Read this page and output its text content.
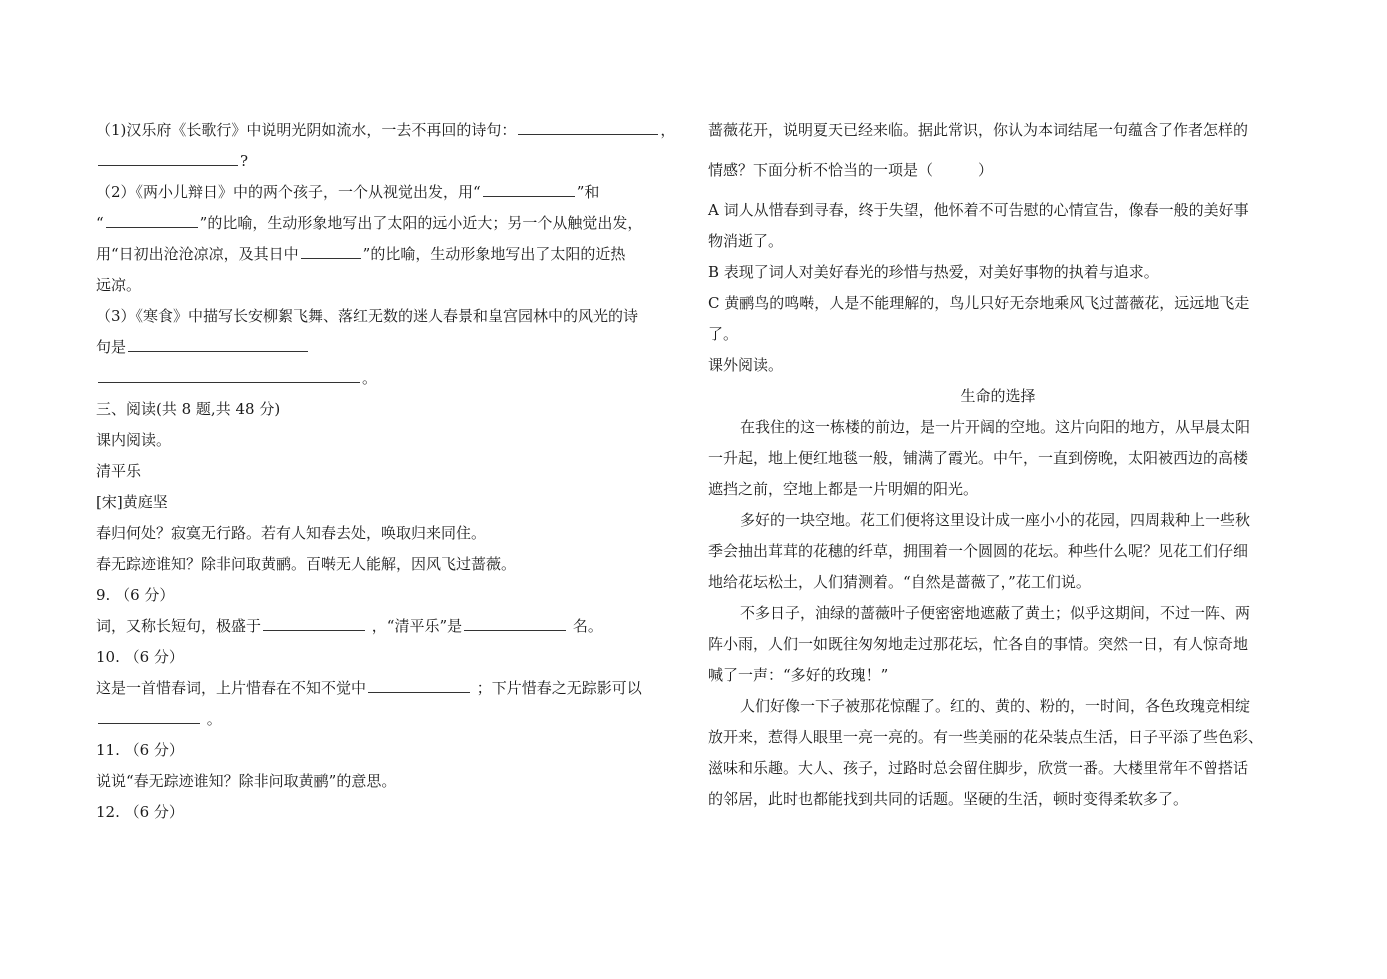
（1)汉乐府《长歌行》中说明光阴如流水，一去不再回的诗句：	，
?
（2）《两小儿辩日》中的两个孩子，一个从视觉出发，用“	”和
“	”的比喻，生动形象地写出了太阳的远小近大；另一个从触觉出发，
用“日初出沧沧凉凉，及其日中	”的比喻，生动形象地写出了太阳的近热
远凉。
（3）《寒食》中描写长安柳絮飞舞、落红无数的迷人春景和皇宫园林中的风光的诗
句是
。
三、阅读(共 8 题,共 48 分)
课内阅读。
清平乐
[宋]黄庭坚
春归何处？寂寞无行路。若有人知春去处，唤取归来同住。
春无踪迹谁知？除非问取黄鹂。百啭无人能解，因风飞过蔷薇。
9. （6 分）
词，又称长短句，极盛于	，“清平乐”是	名。
10. （6 分）
这是一首惜春词，上片惜春在不知不觉中	；下片惜春之无踪影可以
。
11. （6 分）
说说“春无踪迹谁知？除非问取黄鹂”的意思。
12. （6 分）
蔷薇花开，说明夏天已经来临。据此常识，你认为本词结尾一句蕴含了作者怎样的
情感？下面分析不恰当的一项是（　　　）
A 词人从惜春到寻春，终于失望，他怀着不可告慰的心情宣告，像春一般的美好事
物消逝了。
B 表现了词人对美好春光的珍惜与热爱，对美好事物的执着与追求。
C 黄鹂鸟的鸣啭，人是不能理解的，鸟儿只好无奈地乘风飞过蔷薇花，远远地飞走
了。
课外阅读。
生命的选择
在我住的这一栋楼的前边，是一片开阔的空地。这片向阳的地方，从早晨太阳
一升起，地上便红地毯一般，铺满了霞光。中午，一直到傍晚，太阳被西边的高楼
遮挡之前，空地上都是一片明媚的阳光。
多好的一块空地。花工们便将这里设计成一座小小的花园，四周栽种上一些秋
季会抽出茸茸的花穗的纤草，拥围着一个圆圆的花坛。种些什么呢？见花工们仔细
地给花坛松土，人们猜测着。“自然是蔷薇了，”花工们说。
不多日子，油绿的蔷薇叶子便密密地遮蔽了黄土；似乎这期间，不过一阵、两
阵小雨，人们一如既往匆匆地走过那花坛，忙各自的事情。突然一日，有人惊奇地
喊了一声：“多好的玫瑰！”
人们好像一下子被那花惊醒了。红的、黄的、粉的，一时间，各色玫瑰竞相绽
放开来，惹得人眼里一亮一亮的。有一些美丽的花朵装点生活，日子平添了些色彩、
滋味和乐趣。大人、孩子，过路时总会留住脚步，欣赏一番。大楼里常年不曾搭话
的邻居，此时也都能找到共同的话题。坚硬的生活，顿时变得柔软多了。
